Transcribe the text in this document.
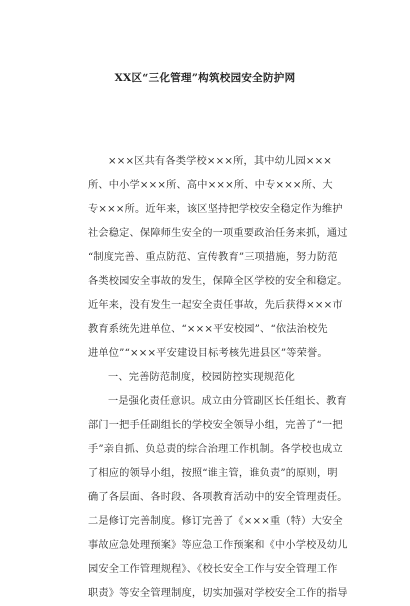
XX区“三化管理”构筑校园安全防护网
×××区共有各类学校×××所，其中幼儿园×××
所、中小学×××所、高中×××所、中专×××所、大
专×××所。近年来，该区坚持把学校安全稳定作为维护
社会稳定、保障师生安全的一项重要政治任务来抓，通过
“制度完善、重点防范、宣传教育”三项措施，努力防范
各类校园安全事故的发生，保障全区学校的安全和稳定。
近年来，没有发生一起安全责任事故，先后获得×××市
教育系统先进单位、“×××平安校园”、“依法治校先
进单位”“×××平安建设目标考核先进县区”等荣誉。
一、完善防范制度，校园防控实现规范化
一是强化责任意识。成立由分管副区长任组长、教育
部门一把手任副组长的学校安全领导小组，完善了“一把
手”亲自抓、负总责的综合治理工作机制。各学校也成立
了相应的领导小组，按照“谁主管，谁负责”的原则，明
确了各层面、各时段、各项教育活动中的安全管理责任。
二是修订完善制度。修订完善了《×××重（特）大安全
事故应急处理预案》等应急工作预案和《中小学校及幼儿
园安全工作管理规程》、《校长安全工作与安全管理工作
职责》等安全管理制度，切实加强对学校安全工作的指导
